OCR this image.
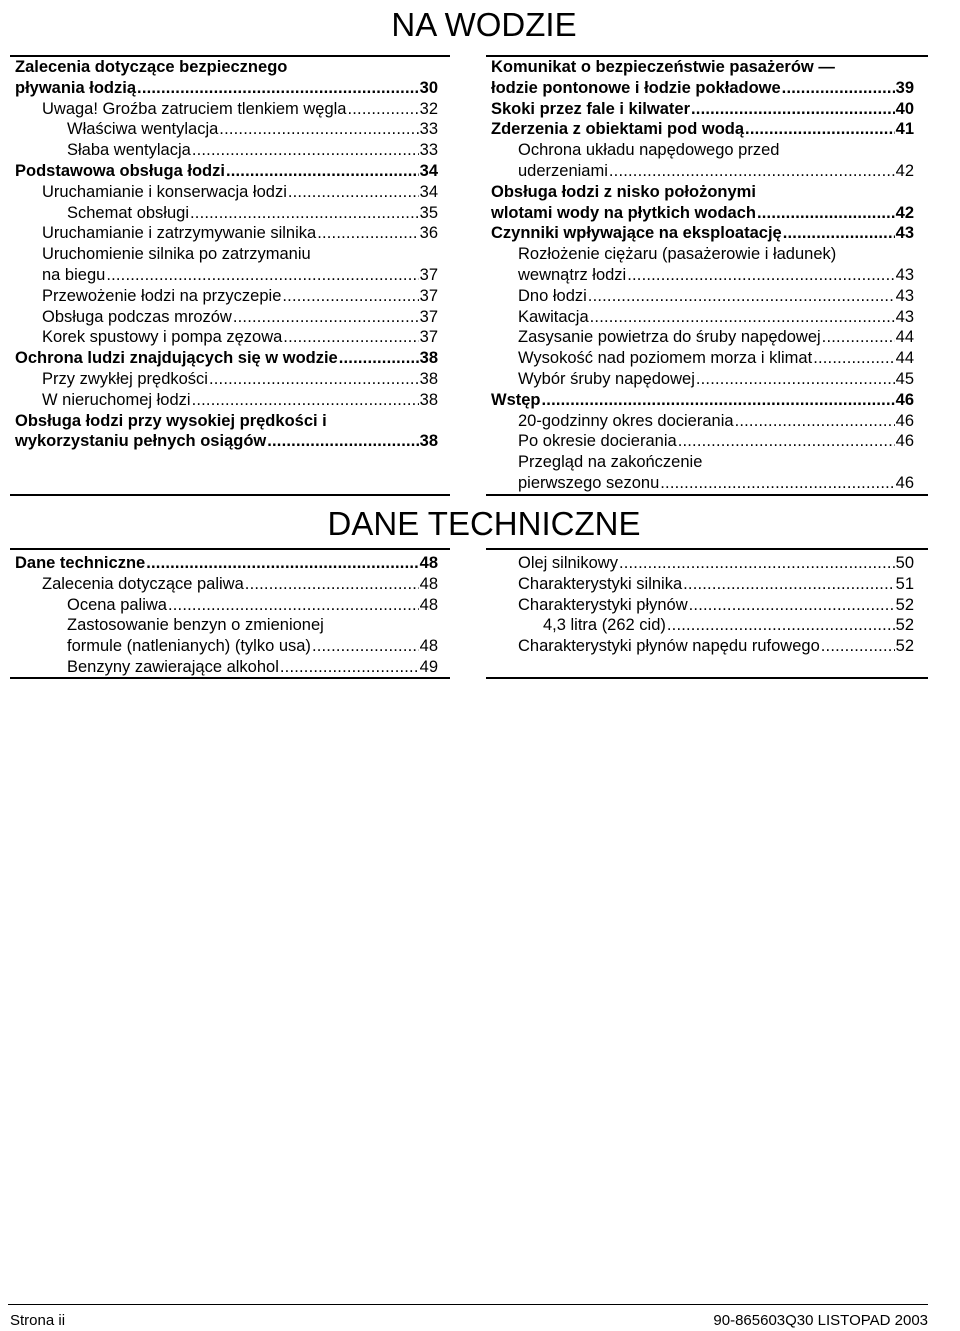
NA WODZIE
Zalecenia dotyczące bezpiecznego
pływania łodzią .....	30
Uwaga! Groźba zatruciem tlenkiem węgla .....	32
Właściwa wentylacja .....	33
Słaba wentylacja .....	33
Podstawowa obsługa łodzi .....	34
Uruchamianie i konserwacja łodzi .....	34
Schemat obsługi .....	35
Uruchamianie i zatrzymywanie silnika .....	36
Uruchomienie silnika po zatrzymaniu
na biegu .....	37
Przewożenie łodzi na przyczepie .....	37
Obsługa podczas mrozów .....	37
Korek spustowy i pompa zęzowa .....	37
Ochrona ludzi znajdujących się w wodzie .....	38
Przy zwykłej prędkości .....	38
W nieruchomej łodzi .....	38
Obsługa łodzi przy wysokiej prędkości i
wykorzystaniu pełnych osiągów .....	38
Komunikat o bezpieczeństwie pasażerów —
łodzie pontonowe i łodzie pokładowe .....	39
Skoki przez fale i kilwater .....	40
Zderzenia z obiektami pod wodą .....	41
Ochrona układu napędowego przed
uderzeniami .....	42
Obsługa łodzi z nisko położonymi
wlotami wody na płytkich wodach .....	42
Czynniki wpływające na eksploatację .....	43
Rozłożenie ciężaru (pasażerowie i ładunek)
wewnątrz łodzi .....	43
Dno łodzi .....	43
Kawitacja .....	43
Zasysanie powietrza do śruby napędowej .....	44
Wysokość nad poziomem morza i klimat .....	44
Wybór śruby napędowej .....	45
Wstęp .....	46
20-godzinny okres docierania .....	46
Po okresie docierania .....	46
Przegląd na zakończenie
pierwszego sezonu .....	46
DANE TECHNICZNE
Dane techniczne .....	48
Zalecenia dotyczące paliwa .....	48
Ocena paliwa .....	48
Zastosowanie benzyn o zmienionej
formule (natlenianych) (tylko usa) .....	48
Benzyny zawierające alkohol .....	49
Olej silnikowy .....	50
Charakterystyki silnika .....	51
Charakterystyki płynów .....	52
4,3 litra (262 cid) .....	52
Charakterystyki płynów napędu rufowego .....	52
Strona ii	90-865603Q30 LISTOPAD 2003
